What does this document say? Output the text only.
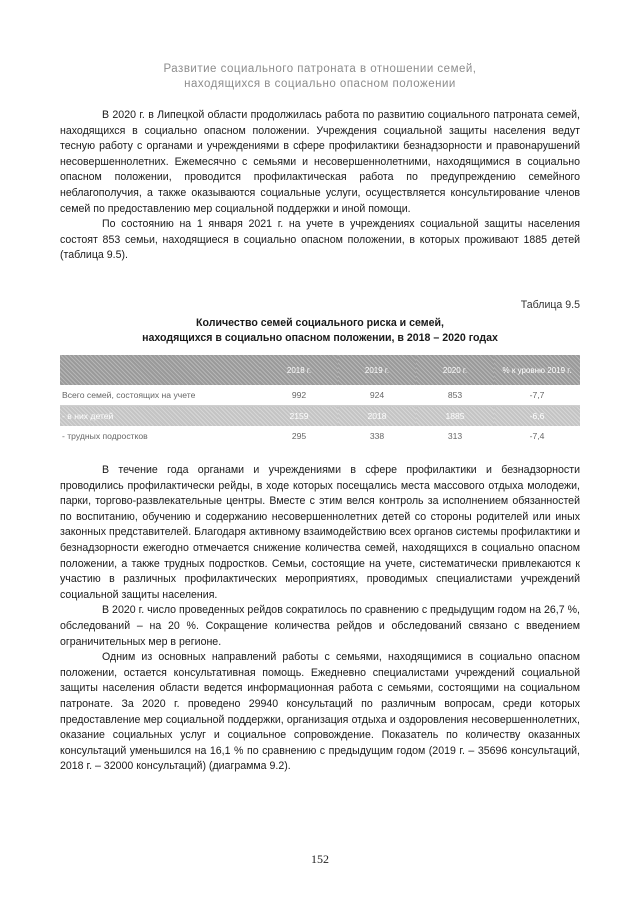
Развитие социального патроната в отношении семей,
находящихся в социально опасном положении

В 2020 г. в Липецкой области продолжилась работа по развитию социального патроната семей, находящихся в социально опасном положении. Учреждения социальной защиты населения ведут тесную работу с органами и учреждениями в сфере профилактики безнадзорности и правонарушений несовершеннолетних. Ежемесячно с семьями и несовершеннолетними, находящимися в социально опасном положении, проводится профилактическая работа по предупреждению семейного неблагополучия, а также оказываются социальные услуги, осуществляется консультирование членов семей по предоставлению мер социальной поддержки и иной помощи.

По состоянию на 1 января 2021 г. на учете в учреждениях социальной защиты населения состоят 853 семьи, находящиеся в социально опасном положении, в которых проживают 1885 детей (таблица 9.5).

Таблица 9.5
Количество семей социального риска и семей,
находящихся в социально опасном положении, в 2018 – 2020 годах
	2018 г.	2019 г.	2020 г.	% к уровню 2019 г.
Всего семей, состоящих на учете	992	924	853	-7,7
- в них детей	2159	2018	1885	-6,6
- трудных подростков	295	338	313	-7,4

В течение года органами и учреждениями в сфере профилактики и безнадзорности проводились профилактически рейды, в ходе которых посещались места массового отдыха молодежи, парки, торгово-развлекательные центры. Вместе с этим велся контроль за исполнением обязанностей по воспитанию, обучению и содержанию несовершеннолетних детей со стороны родителей или иных законных представителей. Благодаря активному взаимодействию всех органов системы профилактики и безнадзорности ежегодно отмечается снижение количества семей, находящихся в социально опасном положении, а также трудных подростков. Семьи, состоящие на учете, систематически привлекаются к участию в различных профилактических мероприятиях, проводимых специалистами учреждений социальной защиты населения.

В 2020 г. число проведенных рейдов сократилось по сравнению с предыдущим годом на 26,7 %, обследований – на 20 %. Сокращение количества рейдов и обследований связано с введением ограничительных мер в регионе.

Одним из основных направлений работы с семьями, находящимися в социально опасном положении, остается консультативная помощь. Ежедневно специалистами учреждений социальной защиты населения области ведется информационная работа с семьями, состоящими на социальном патронате. За 2020 г. проведено 29940 консультаций по различным вопросам, среди которых предоставление мер социальной поддержки, организация отдыха и оздоровления несовершеннолетних, оказание социальных услуг и социальное сопровождение. Показатель по количеству оказанных консультаций уменьшился на 16,1 % по сравнению с предыдущим годом (2019 г. – 35696 консультаций, 2018 г. – 32000 консультаций) (диаграмма 9.2).

152
